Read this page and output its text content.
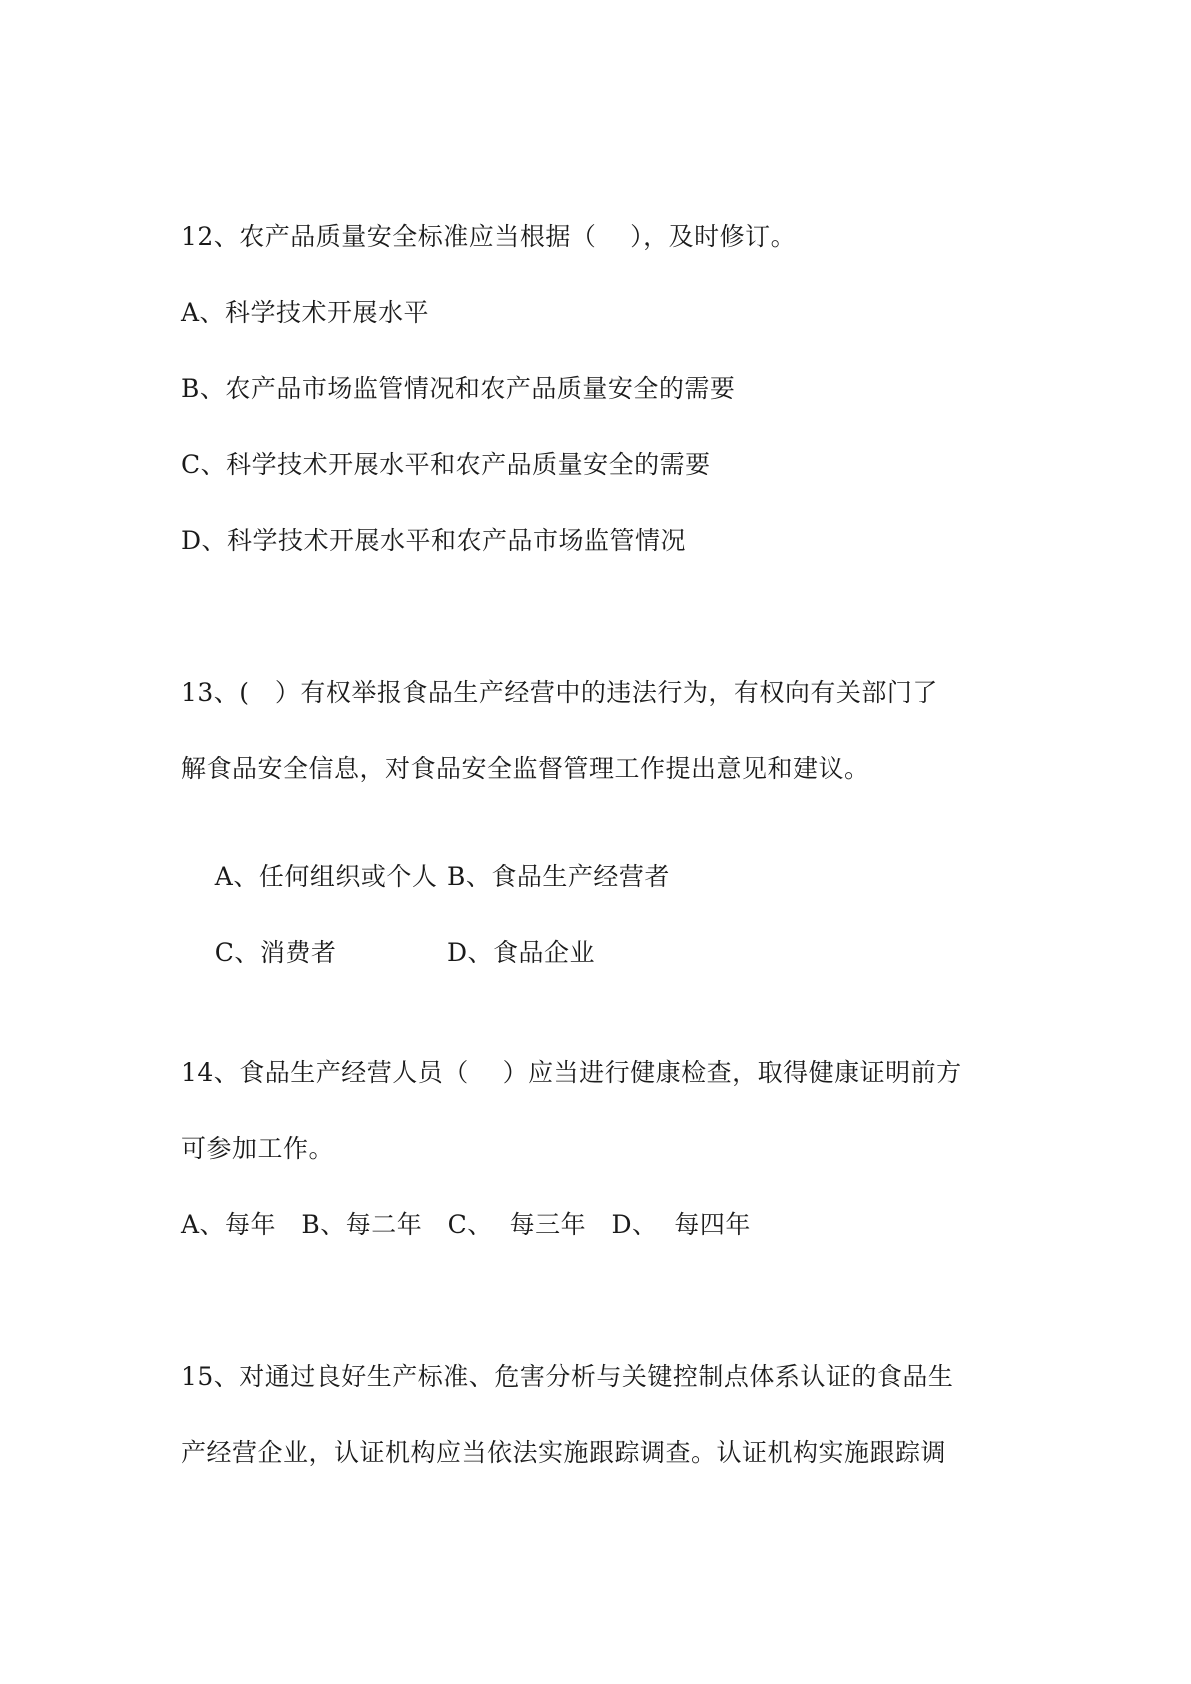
12、农产品质量安全标准应当根据（    ），及时修订。
A、科学技术开展水平
B、农产品市场监管情况和农产品质量安全的需要
C、科学技术开展水平和农产品质量安全的需要
D、科学技术开展水平和农产品市场监管情况
13、(   ）有权举报食品生产经营中的违法行为，有权向有关部门了
解食品安全信息，对食品安全监督管理工作提出意见和建议。

A、任何组织或个人 B、食品生产经营者

C、消费者	D、食品企业

14、食品生产经营人员（    ）应当进行健康检查，取得健康证明前方
可参加工作。
A、每年   B、每二年   C、  每三年   D、  每四年
15、对通过良好生产标准、危害分析与关键控制点体系认证的食品生
产经营企业，认证机构应当依法实施跟踪调查。认证机构实施跟踪调
